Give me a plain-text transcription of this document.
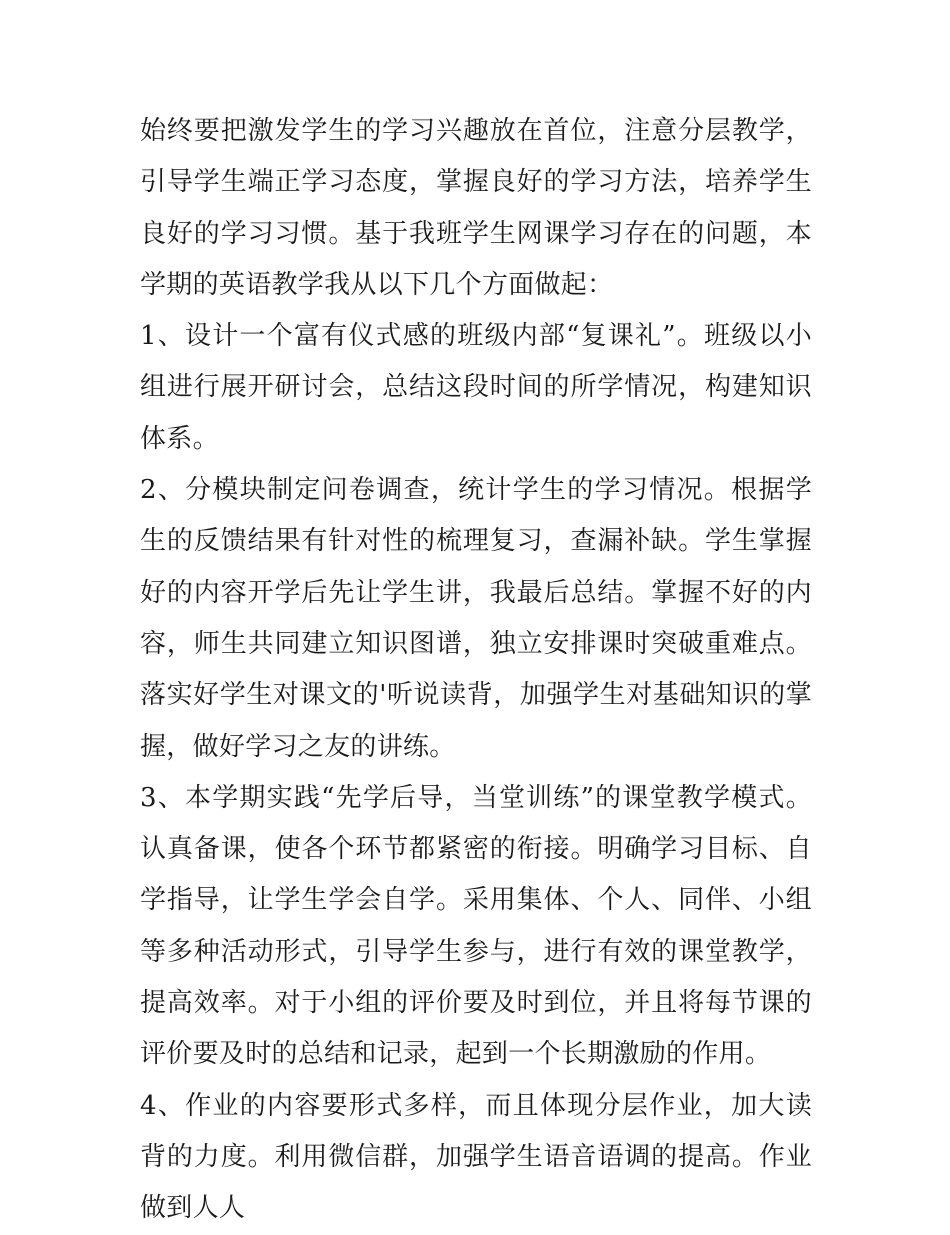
始终要把激发学生的学习兴趣放在首位，注意分层教学，引导学生端正学习态度，掌握良好的学习方法，培养学生良好的学习习惯。基于我班学生网课学习存在的问题，本学期的英语教学我从以下几个方面做起：

1、设计一个富有仪式感的班级内部“复课礼”。班级以小组进行展开研讨会，总结这段时间的所学情况，构建知识体系。

2、分模块制定问卷调查，统计学生的学习情况。根据学生的反馈结果有针对性的梳理复习，查漏补缺。学生掌握好的内容开学后先让学生讲，我最后总结。掌握不好的内容，师生共同建立知识图谱，独立安排课时突破重难点。落实好学生对课文的'听说读背，加强学生对基础知识的掌握，做好学习之友的讲练。

3、本学期实践“先学后导，当堂训练”的课堂教学模式。认真备课，使各个环节都紧密的衔接。明确学习目标、自学指导，让学生学会自学。采用集体、个人、同伴、小组等多种活动形式，引导学生参与，进行有效的课堂教学，提高效率。对于小组的评价要及时到位，并且将每节课的评价要及时的总结和记录，起到一个长期激励的作用。

4、作业的内容要形式多样，而且体现分层作业，加大读背的力度。利用微信群，加强学生语音语调的提高。作业做到人人
